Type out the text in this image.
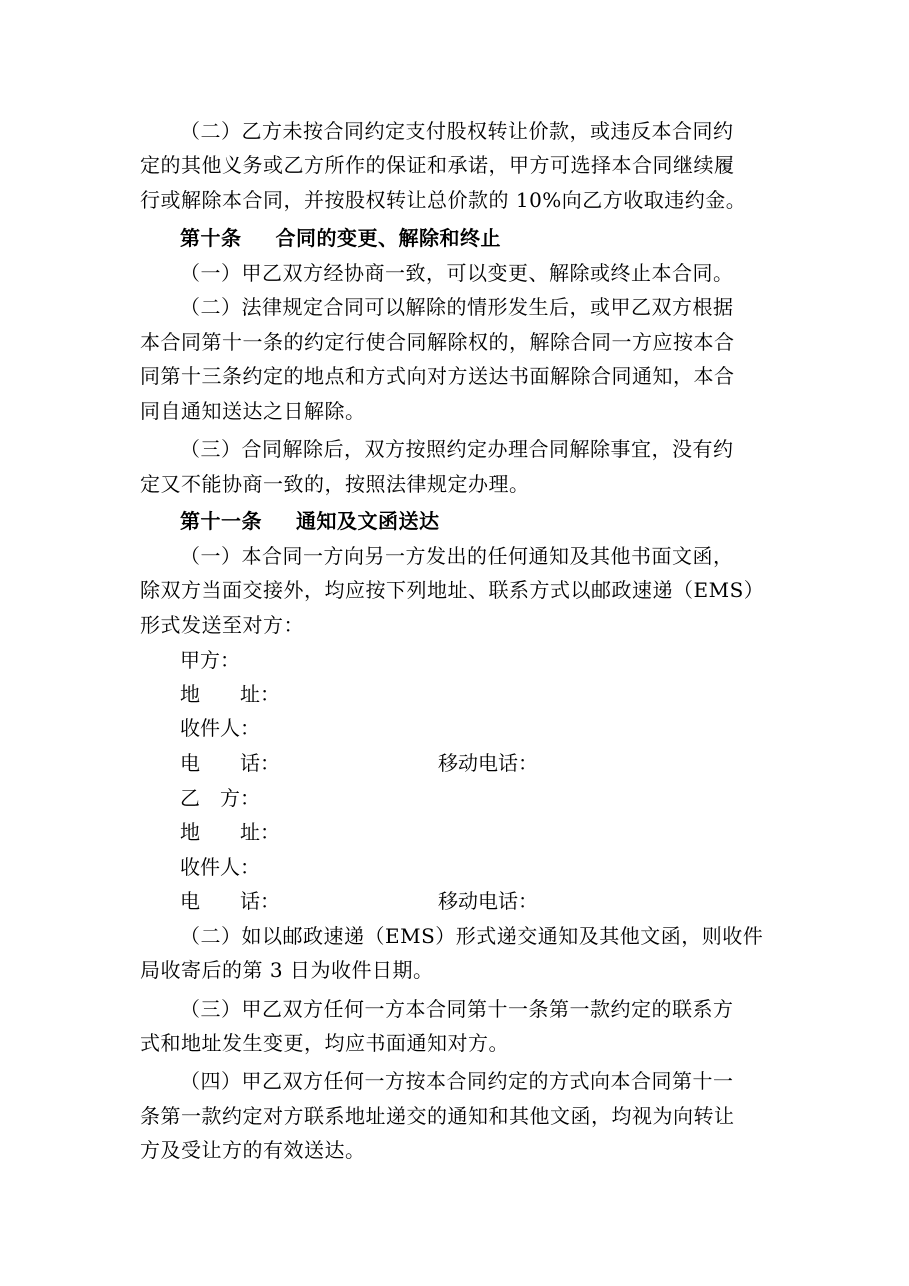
（二）乙方未按合同约定支付股权转让价款，或违反本合同约
定的其他义务或乙方所作的保证和承诺，甲方可选择本合同继续履
行或解除本合同，并按股权转让总价款的 10%向乙方收取违约金。
第十条 合同的变更、解除和终止
（一）甲乙双方经协商一致，可以变更、解除或终止本合同。
（二）法律规定合同可以解除的情形发生后，或甲乙双方根据
本合同第十一条的约定行使合同解除权的，解除合同一方应按本合
同第十三条约定的地点和方式向对方送达书面解除合同通知，本合
同自通知送达之日解除。
（三）合同解除后，双方按照约定办理合同解除事宜，没有约
定又不能协商一致的，按照法律规定办理。
第十一条 通知及文函送达
（一）本合同一方向另一方发出的任何通知及其他书面文函，
除双方当面交接外，均应按下列地址、联系方式以邮政速递（EMS）
形式发送至对方：
甲方：
地　　址：
收件人：
电　　话：	移动电话：
乙　方：
地　　址：
收件人：
电　　话：	移动电话：
（二）如以邮政速递（EMS）形式递交通知及其他文函，则收件
局收寄后的第 3 日为收件日期。
（三）甲乙双方任何一方本合同第十一条第一款约定的联系方
式和地址发生变更，均应书面通知对方。
（四）甲乙双方任何一方按本合同约定的方式向本合同第十一
条第一款约定对方联系地址递交的通知和其他文函，均视为向转让
方及受让方的有效送达。
